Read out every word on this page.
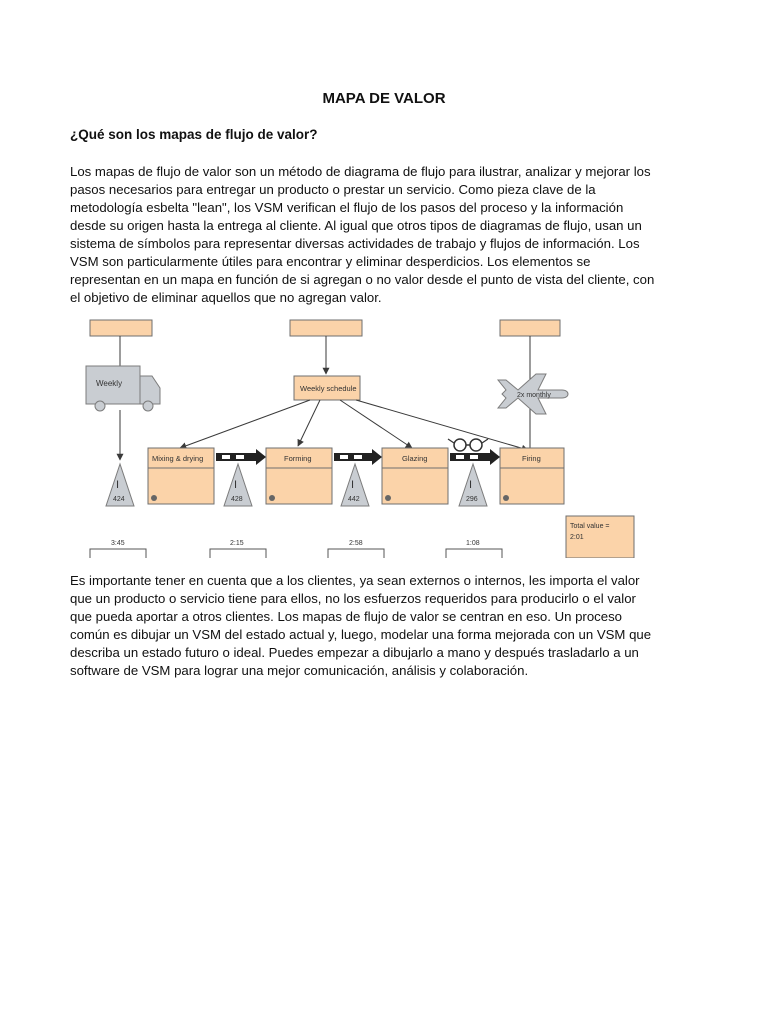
MAPA DE VALOR
¿Qué son los mapas de flujo de valor?
Los mapas de flujo de valor son un método de diagrama de flujo para ilustrar, analizar y mejorar los
pasos necesarios para entregar un producto o prestar un servicio. Como pieza clave de la
metodología esbelta "lean", los VSM verifican el flujo de los pasos del proceso y la información
desde su origen hasta la entrega al cliente. Al igual que otros tipos de diagramas de flujo, usan un
sistema de símbolos para representar diversas actividades de trabajo y flujos de información. Los
VSM son particularmente útiles para encontrar y eliminar desperdicios. Los elementos se
representan en un mapa en función de si agregan o no valor desde el punto de vista del cliente, con
el objetivo de eliminar aquellos que no agregan valor.
Weekly
Weekly schedule
2x monthly
Mixing & drying	Forming	Glazing	Firing
I
424
I
428
I
442
I
296
3:45	2:15	2:58	1:08
Total value =
2:01
Es importante tener en cuenta que a los clientes, ya sean externos o internos, les importa el valor
que un producto o servicio tiene para ellos, no los esfuerzos requeridos para producirlo o el valor
que pueda aportar a otros clientes. Los mapas de flujo de valor se centran en eso. Un proceso
común es dibujar un VSM del estado actual y, luego, modelar una forma mejorada con un VSM que
describa un estado futuro o ideal. Puedes empezar a dibujarlo a mano y después trasladarlo a un
software de VSM para lograr una mejor comunicación, análisis y colaboración.
